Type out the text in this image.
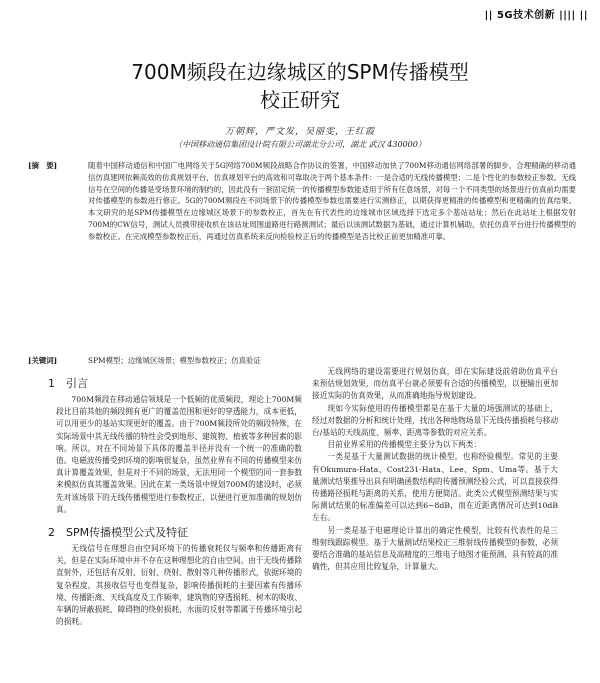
|| 5G技术创新 |||| ||
700M频段在边缘城区的SPM传播模型
校正研究
万朝辉，严文发，吴丽雯，王红霞
（中国移动通信集团设计院有限公司湖北分公司，湖北 武汉 430000）
[摘　要]	随着中国移动通信和中国广电网络关于5G网络700M频段战略合作协议的签署，中国移动加快了700M移动通信网络部署的脚步。合理精确的移动通信仿真建网依赖高效的仿真规划平台，仿真规划平台的高效和可靠取决于两个基本条件：一是合适的无线传播模型；二是个性化的参数校正参数。无线信号在空间的传播是受场景环境的制约的，因此没有一套固定统一的传播模型参数能适用于所有任意场景，对每一个不同类型的场景进行仿真前均需要对传播模型的参数进行修正。5G的700M频段在不同场景下的传播模型参数也需要进行实测修正，以期获得更精准的传播模型和更精确的仿真结果。本文研究的是SPM传播模型在边缘城区场景下的参数校正，首先在有代表性的边缘城市区域选择下选定多个基站站址；然后在此站址上根据发射700M的CW信号，测试人员携带接收机在该站址周围道路进行路测测试；最后以该测试数据为基础，通过计算机辅助，依托仿真平台进行传播模型的参数校正。在完成模型参数校正后，再通过仿真系统来反向检验校正后的传播模型是否比校正前更加精准可靠。
[关键词]	SPM模型；边缘城区场景；模型参数校正；仿真验证
1　引言

700M频段在移动通信领域是一个低频的优质频段，理论上700M频段比目前其他的频段拥有更广的覆盖范围和更好的穿透能力，成本更低，可以用更少的基站实现更好的覆盖。由于700M频段所处的频段特殊，在实际场景中其无线传播的特性会受到地形、建筑物、植被等多种因素的影响。所以，对在不同场景下具体的覆盖半径并没有一个统一的准确的数值。电磁波传播受到环境的影响很复杂，虽然业界有不同的传播模型来仿真计算覆盖效果，但是对于不同的场景，无法用同一个模型的同一套参数来模拟仿真其覆盖效果。因此在某一类场景中规划700M的建设时，必须先对该场景下的无线传播模型进行参数校正，以便进行更加准确的规划仿真。

2　SPM传播模型公式及特征

无线信号在理想自由空间环境下的传播衰耗仅与频率和传播距离有关，但是在实际环境中并不存在这种理想化的自由空间。由于无线传播除直射外，还包括有反射、衍射、绕射、散射等几种传播形式，依据环境的复杂程度，其接收信号也变得复杂，影响传播损耗的主要因素有传播环境、传播距离、天线高度及工作频率，建筑物的穿透损耗、树木的吸收、车辆的屏蔽损耗、障碍物的绕射损耗、水面的反射等都属于传播环境引起的损耗。

无线网络的建设需要进行规划仿真，即在实际建设前借助仿真平台来预估规划效果，而仿真平台就必须要有合适的传播模型，以便输出更加接近实际的仿真效果，从而准确地指导规划建设。

现如今实际使用的传播模型都是在基于大量的场强测试的基础上，经过对数据的分析和统计处理，找出各种地物场景下无线传播损耗与移动台/基站的天线高度、频率、距离等参数的对应关系。

目前业界采用的传播模型主要分为以下两类：

一类是基于大量测试数据的统计模型，也称经验模型。常见的主要有Okumura-Hata、Cost231-Hata、Lee、Spm、Uma等。基于大量测试结果推导出具有明确函数结构的传播预测经验公式，可以直接获得传播路径损耗与距离的关系，使用方便简洁。此类公式模型预测结果与实际测试结果的标准偏差可以达到6~8dB，而在近距离情况可达到10dB左右。

另一类是基于电磁理论计算出的确定性模型，比较有代表性的是三维射线跟踪模型。基于大量测试结果校正三维射线传播模型的参数，必须要结合准确的基站信息及高精度的三维电子地图才能预测，具有较高的准确性，但其应用比较复杂，计算量大。
